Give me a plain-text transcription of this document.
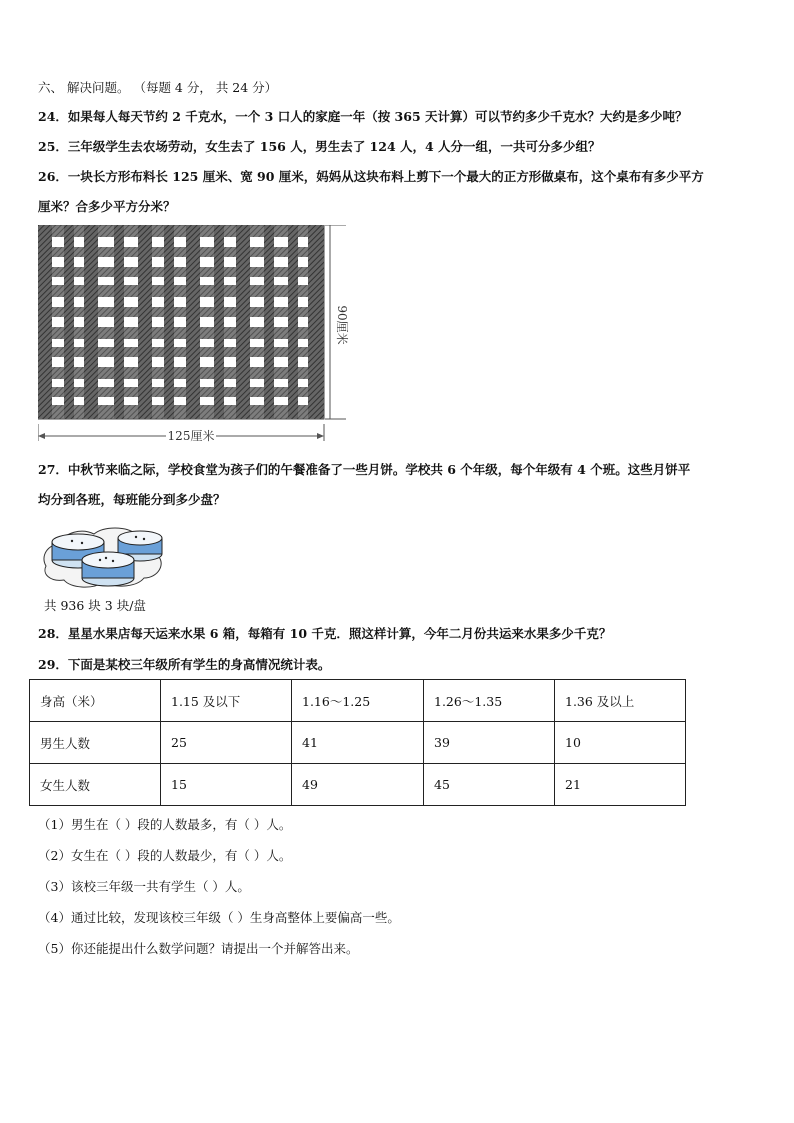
六、 解决问题。 （每题 4 分， 共 24 分）
24．如果每人每天节约 2 千克水，一个 3 口人的家庭一年（按 365 天计算）可以节约多少千克水？大约是多少吨？
25．三年级学生去农场劳动，女生去了 156 人，男生去了 124 人，4 人分一组，一共可分多少组？
26．一块长方形布料长 125 厘米、宽 90 厘米，妈妈从这块布料上剪下一个最大的正方形做桌布，这个桌布有多少平方
厘米？合多少平方分米？
125厘米
90厘米
27．中秋节来临之际，学校食堂为孩子们的午餐准备了一些月饼。学校共 6 个年级，每个年级有 4 个班。这些月饼平
均分到各班，每班能分到多少盘？
共 936 块 3 块/盘
28．星星水果店每天运来水果 6 箱，每箱有 10 千克．照这样计算，今年二月份共运来水果多少千克？
29．下面是某校三年级所有学生的身高情况统计表。
身高（米）	1.15 及以下	1.16～1.25	1.26～1.35	1.36 及以上
男生人数	25	41	39	10
女生人数	15	49	45	21
（1）男生在（ ）段的人数最多，有（ ）人。
（2）女生在（ ）段的人数最少，有（ ）人。
（3）该校三年级一共有学生（ ）人。
（4）通过比较，发现该校三年级（ ）生身高整体上要偏高一些。
（5）你还能提出什么数学问题？请提出一个并解答出来。
